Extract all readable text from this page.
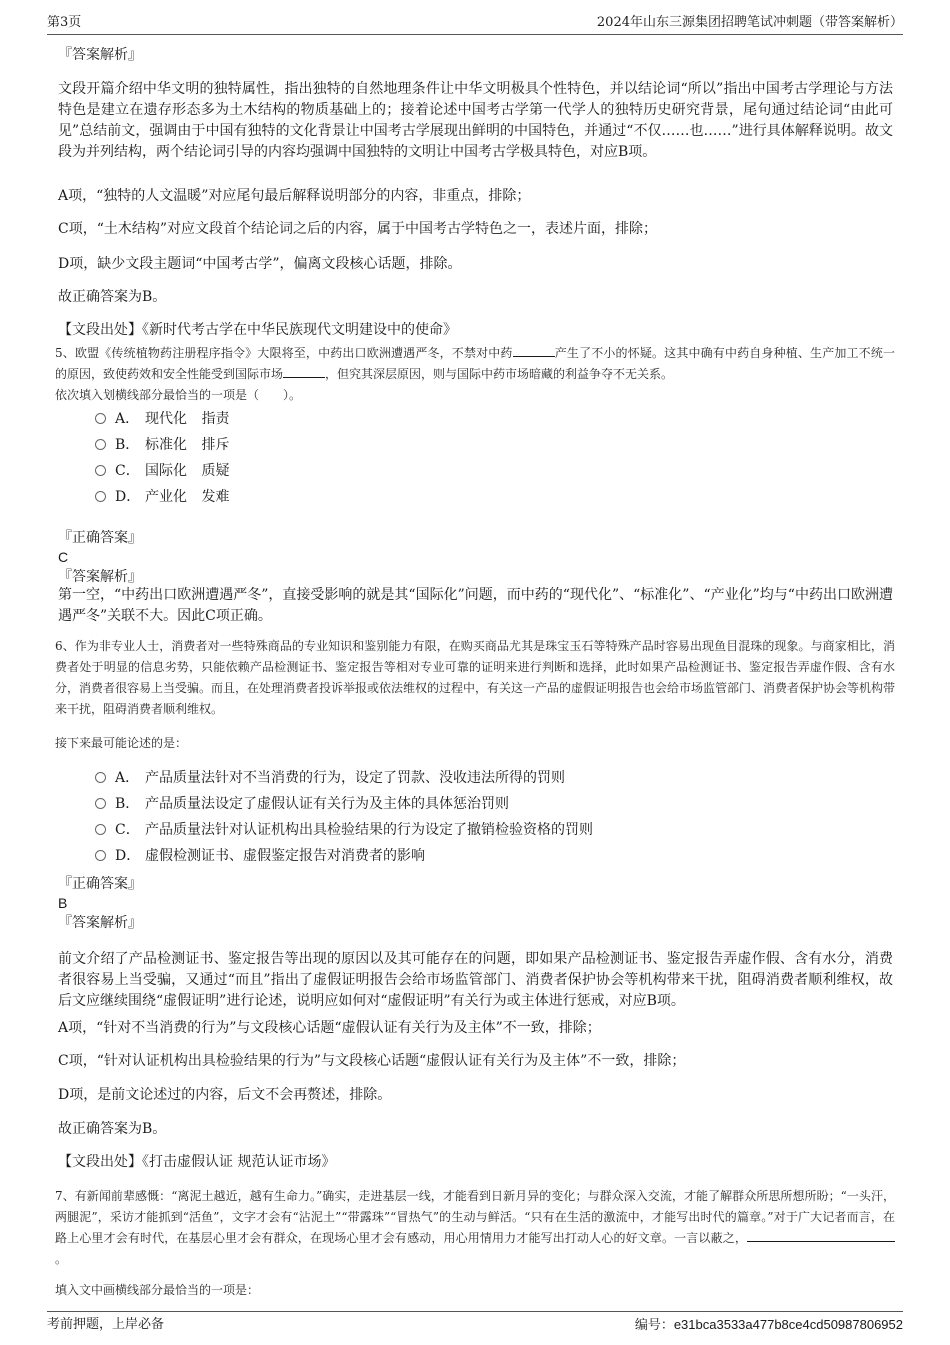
第3页	2024年山东三源集团招聘笔试冲刺题（带答案解析）
『答案解析』

文段开篇介绍中华文明的独特属性，指出独特的自然地理条件让中华文明极具个性特色，并以结论词“所以”指出中国考古学理论与方法特色是建立在遗存形态多为土木结构的物质基础上的；接着论述中国考古学第一代学人的独特历史研究背景，尾句通过结论词“由此可见”总结前文，强调由于中国有独特的文化背景让中国考古学展现出鲜明的中国特色，并通过“不仅……也……”进行具体解释说明。故文段为并列结构，两个结论词引导的内容均强调中国独特的文明让中国考古学极具特色，对应B项。

A项，“独特的人文温暖”对应尾句最后解释说明部分的内容，非重点，排除；

C项，“土木结构”对应文段首个结论词之后的内容，属于中国考古学特色之一，表述片面，排除；

D项，缺少文段主题词“中国考古学”，偏离文段核心话题，排除。

故正确答案为B。

【文段出处】《新时代考古学在中华民族现代文明建设中的使命》

5、欧盟《传统植物药注册程序指令》大限将至，中药出口欧洲遭遇严冬，不禁对中药	产生了不小的怀疑。这其中确有中药自身种植、生产加工不统一的原因，致使药效和安全性能受到国际市场	，但究其深层原因，则与国际中药市场暗藏的利益争夺不无关系。

依次填入划横线部分最恰当的一项是（　　）。

A． 现代化 指责
B． 标准化 排斥
C． 国际化 质疑
D． 产业化 发难
『正确答案』
C
『答案解析』

第一空，“中药出口欧洲遭遇严冬”，直接受影响的就是其“国际化”问题，而中药的“现代化”、“标准化”、“产业化”均与“中药出口欧洲遭遇严冬”关联不大。因此C项正确。

6、作为非专业人士，消费者对一些特殊商品的专业知识和鉴别能力有限，在购买商品尤其是珠宝玉石等特殊产品时容易出现鱼目混珠的现象。与商家相比，消费者处于明显的信息劣势，只能依赖产品检测证书、鉴定报告等相对专业可靠的证明来进行判断和选择，此时如果产品检测证书、鉴定报告弄虚作假、含有水分，消费者很容易上当受骗。而且，在处理消费者投诉举报或依法维权的过程中，有关这一产品的虚假证明报告也会给市场监管部门、消费者保护协会等机构带来干扰，阻碍消费者顺利维权。

接下来最可能论述的是：

A． 产品质量法针对不当消费的行为，设定了罚款、没收违法所得的罚则
B． 产品质量法设定了虚假认证有关行为及主体的具体惩治罚则
C． 产品质量法针对认证机构出具检验结果的行为设定了撤销检验资格的罚则
D． 虚假检测证书、虚假鉴定报告对消费者的影响
『正确答案』
B
『答案解析』

前文介绍了产品检测证书、鉴定报告等出现的原因以及其可能存在的问题，即如果产品检测证书、鉴定报告弄虚作假、含有水分，消费者很容易上当受骗，又通过“而且”指出了虚假证明报告会给市场监管部门、消费者保护协会等机构带来干扰，阻碍消费者顺利维权，故后文应继续围绕“虚假证明”进行论述，说明应如何对“虚假证明”有关行为或主体进行惩戒，对应B项。

A项，“针对不当消费的行为”与文段核心话题“虚假认证有关行为及主体”不一致，排除；

C项，“针对认证机构出具检验结果的行为”与文段核心话题“虚假认证有关行为及主体”不一致，排除；

D项，是前文论述过的内容，后文不会再赘述，排除。

故正确答案为B。

【文段出处】《打击虚假认证 规范认证市场》

7、有新闻前辈感慨：“离泥土越近，越有生命力。”确实，走进基层一线，才能看到日新月异的变化；与群众深入交流，才能了解群众所思所想所盼；“一头汗，两腿泥”，采访才能抓到“活鱼”，文字才会有“沾泥土”“带露珠”“冒热气”的生动与鲜活。“只有在生活的激流中，才能写出时代的篇章。”对于广大记者而言，在路上心里才会有时代，在基层心里才会有群众，在现场心里才会有感动，用心用情用力才能写出打动人心的好文章。一言以蔽之，。

填入文中画横线部分最恰当的一项是：

考前押题，上岸必备	编号：e31bca3533a477b8ce4cd50987806952
